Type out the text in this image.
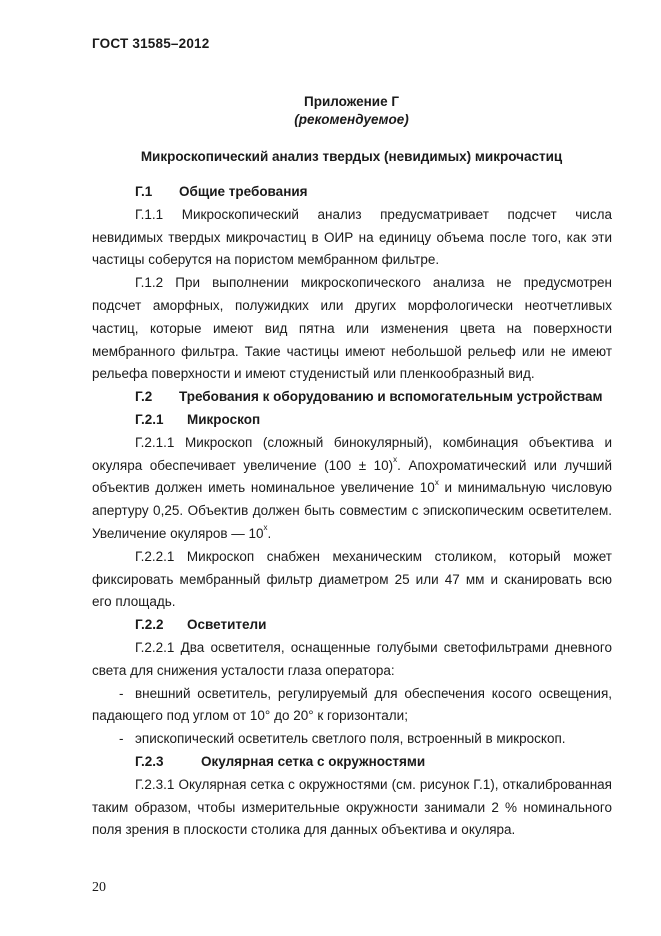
ГОСТ 31585–2012
Приложение Г
(рекомендуемое)
Микроскопический анализ твердых (невидимых) микрочастиц
Г.1 Общие требования
Г.1.1 Микроскопический анализ предусматривает подсчет числа невидимых твердых микрочастиц в ОИР на единицу объема после того, как эти частицы соберутся на пористом мембранном фильтре.
Г.1.2 При выполнении микроскопического анализа не предусмотрен подсчет аморфных, полужидких или других морфологически неотчетливых частиц, которые имеют вид пятна или изменения цвета на поверхности мембранного фильтра. Такие частицы имеют небольшой рельеф или не имеют рельефа поверхности и имеют студенистый или пленкообразный вид.
Г.2 Требования к оборудованию и вспомогательным устройствам
Г.2.1 Микроскоп
Г.2.1.1 Микроскоп (сложный бинокулярный), комбинация объектива и окуляра обеспечивает увеличение $(100 \pm 10)^х$. Апохроматический или лучший объектив должен иметь номинальное увеличение $10^х$ и минимальную числовую апертуру 0,25. Объектив должен быть совместим с эпископическим осветителем. Увеличение окуляров — $10^х$.
Г.2.2.1 Микроскоп снабжен механическим столиком, который может фиксировать мембранный фильтр диаметром 25 или 47 мм и сканировать всю его площадь.
Г.2.2 Осветители
Г.2.2.1 Два осветителя, оснащенные голубыми светофильтрами дневного света для снижения усталости глаза оператора:
- внешний осветитель, регулируемый для обеспечения косого освещения, падающего под углом от 10° до 20° к горизонтали;
- эпископический осветитель светлого поля, встроенный в микроскоп.
Г.2.3	Окулярная сетка с окружностями
Г.2.3.1 Окулярная сетка с окружностями (см. рисунок Г.1), откалиброванная таким образом, чтобы измерительные окружности занимали 2 % номинального поля зрения в плоскости столика для данных объектива и окуляра.
20
